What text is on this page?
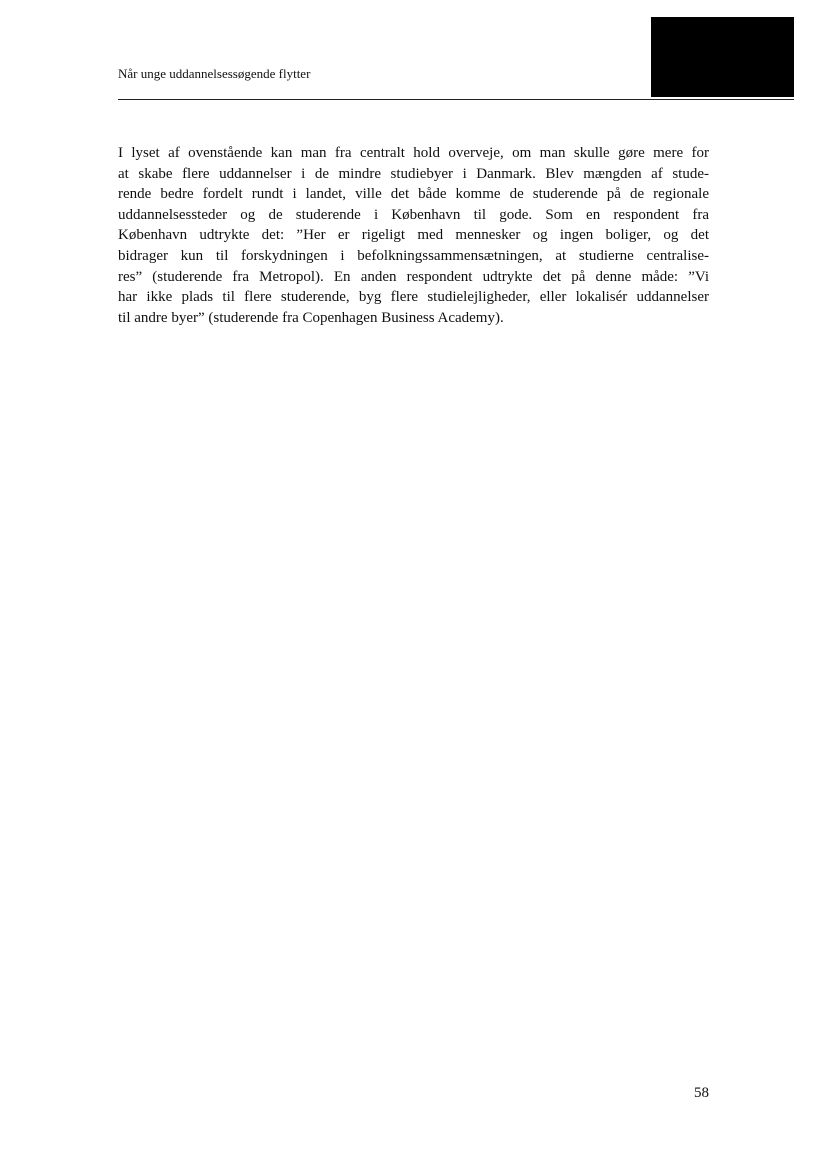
Når unge uddannelsessøgende flytter
I lyset af ovenstående kan man fra centralt hold overveje, om man skulle gøre mere for
at skabe flere uddannelser i de mindre studiebyer i Danmark. Blev mængden af stude-
rende bedre fordelt rundt i landet, ville det både komme de studerende på de regionale
uddannelsessteder og de studerende i København til gode. Som en respondent fra
København udtrykte det: ”Her er rigeligt med mennesker og ingen boliger, og det
bidrager kun til forskydningen i befolkningssammensætningen, at studierne centralise-
res” (studerende fra Metropol). En anden respondent udtrykte det på denne måde: ”Vi
har ikke plads til flere studerende, byg flere studielejligheder, eller lokalisér uddannelser
til andre byer” (studerende fra Copenhagen Business Academy).
58
